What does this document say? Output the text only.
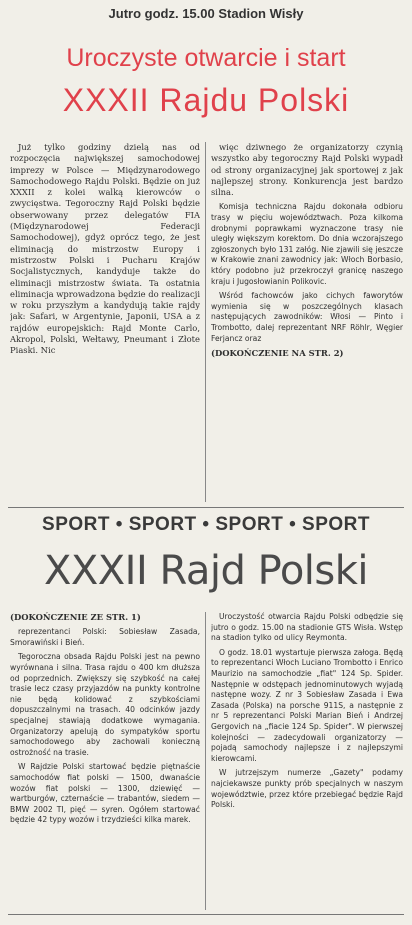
Jutro godz. 15.00 Stadion Wisły
Uroczyste otwarcie i start
XXXII Rajdu Polski

Już tylko godziny dzielą nas od rozpoczęcia największej samochodowej imprezy w Polsce — Międzynarodowego Samochodowego Rajdu Polski. Będzie on już XXXII z kolei walką kierowców o zwycięstwa. Tegoroczny Rajd Polski będzie obserwowany przez delegatów FIA (Międzynarodowej Federacji Samochodowej), gdyż oprócz tego, że jest eliminacją do mistrzostw Europy i mistrzostw Polski i Pucharu Krajów Socjalistycznych, kandyduje także do eliminacji mistrzostw świata. Ta ostatnia eliminacja wprowadzona będzie do realizacji w roku przyszłym a kandydują takie rajdy jak: Safari, w Argentynie, Japonii, USA a z rajdów europejskich: Rajd Monte Carlo, Akropol, Polski, Wełtawy, Pneumant i Złote Piaski. Nic

więc dziwnego że organizatorzy czynią wszystko aby tegoroczny Rajd Polski wypadł od strony organizacyjnej jak sportowej z jak najlepszej strony. Konkurencja jest bardzo silna.

Komisja techniczna Rajdu dokonała odbioru trasy w pięciu województwach. Poza kilkoma drobnymi poprawkami wyznaczone trasy nie uległy większym korektom. Do dnia wczorajszego zgłoszonych było 131 załóg. Nie zjawili się jeszcze w Krakowie znani zawodnicy jak: Włoch Borbasio, który podobno już przekroczył granicę naszego kraju i Jugosłowianin Polikovic.

Wśród fachowców jako cichych faworytów wymienia się w poszczególnych klasach następujących zawodników: Włosi — Pinto i Trombotto, dalej reprezentant NRF Röhlr, Węgier Ferjancz oraz

(DOKOŃCZENIE NA STR. 2)

SPORT • SPORT • SPORT • SPORT
XXXII Rajd Polski

(DOKOŃCZENIE ZE STR. 1)

reprezentanci Polski: Sobiesław Zasada, Smorawiński i Bień.

Tegoroczna obsada Rajdu Polski jest na pewno wyrównana i silna. Trasa rajdu o 400 km dłuższa od poprzednich. Zwiększy się szybkość na całej trasie lecz czasy przyjazdów na punkty kontrolne nie będą kolidować z szybkościami dopuszczalnymi na trasach. 40 odcinków jazdy specjalnej stawiają dodatkowe wymagania. Organizatorzy apelują do sympatyków sportu samochodowego aby zachowali konieczną ostrożność na trasie.

W Rajdzie Polski startować będzie piętnaście samochodów fiat polski — 1500, dwanaście wozów fiat polski — 1300, dziewięć — wartburgów, czternaście — trabantów, siedem — BMW 2002 TI, pięć — syren. Ogółem startować będzie 42 typy wozów i trzydzieści kilka marek.

Uroczystość otwarcia Rajdu Polski odbędzie się jutro o godz. 15.00 na stadionie GTS Wisła. Wstęp na stadion tylko od ulicy Reymonta.

O godz. 18.01 wystartuje pierwsza załoga. Będą to reprezentanci Włoch Luciano Trombotto i Enrico Maurizio na samochodzie „fiat" 124 Sp. Spider. Następnie w odstępach jednominutowych wyjadą następne wozy. Z nr 3 Sobiesław Zasada i Ewa Zasada (Polska) na porsche 911S, a następnie z nr 5 reprezentanci Polski Marian Bień i Andrzej Gergovich na „fiacie 124 Sp. Spider". W pierwszej kolejności — zadecydowali organizatorzy — pojadą samochody najlepsze i z najlepszymi kierowcami.

W jutrzejszym numerze „Gazety" podamy najciekawsze punkty prób specjalnych w naszym województwie, przez które przebiegać będzie Rajd Polski.
